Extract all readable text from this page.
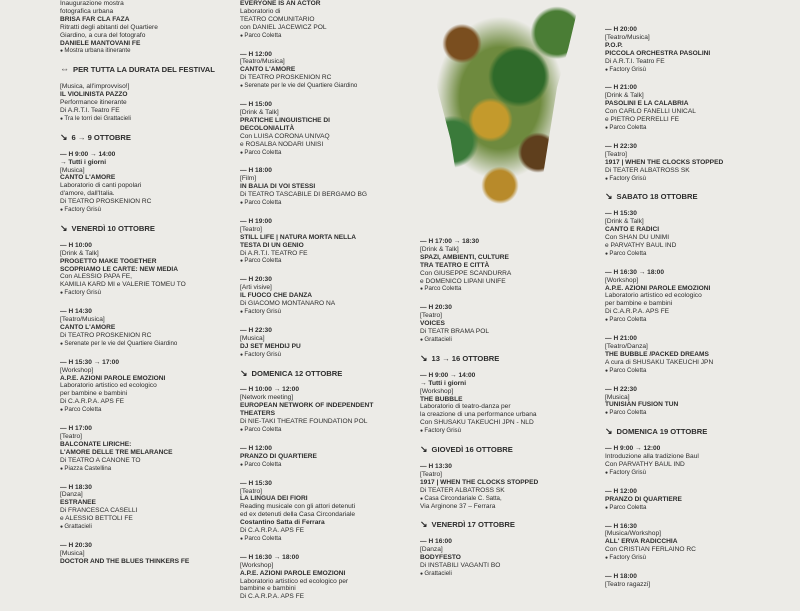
Inaugurazione mostra
fotografica urbana
BRISA FAR CLA FAZA
Ritratti degli abitanti del Quartiere
Giardino, a cura del fotografo
DANIELE MANTOVANI FE
● Mostra urbana itinerante
⇔ PER TUTTA LA DURATA DEL FESTIVAL
[Musica, all'improvviso!]
IL VIOLINISTA PAZZO
Performance itinerante
Di A.R.T.I. Teatro FE
● Tra le torri dei Grattacieli
↘ 6 → 9 OTTOBRE
— H 9:00 → 14:00
→ Tutti i giorni
[Musica]
CANTO L'AMORE
Laboratorio di canti popolari
d'amore, dall'Italia.
Di TEATRO PROSKENION RC
● Factory Grisù
↘ VENERDÌ 10 OTTOBRE
— H 10:00
[Drink & Talk]
PROGETTO MAKE TOGETHER
SCOPRIAMO LE CARTE: NEW MEDIA
Con ALESSIO PAPA FE,
KAMILIA KARD MI e VALERIE TOMEU TO
● Factory Grisù
— H 14:30
[Teatro/Musica]
CANTO L'AMORE
Di TEATRO PROSKENION RC
● Serenate per le vie del Quartiere Giardino
— H 15:30 → 17:00
[Workshop]
A.P.E. AZIONI PAROLE EMOZIONI
Laboratorio artistico ed ecologico
per bambine e bambini
Di C.A.R.P.A. APS FE
● Parco Coletta
— H 17:00
[Teatro]
BALCONATE LIRICHE:
L'AMORE DELLE TRE MELARANCE
Di TEATRO A CANONE TO
● Piazza Castellina
— H 18:30
[Danza]
ESTRANEE
Di FRANCESCA CASELLI
e ALESSIO BETTOLI FE
● Grattacieli
— H 20:30
[Musica]
DOCTOR AND THE BLUES THINKERS FE
EVERYONE IS AN ACTOR
Laboratorio di
TEATRO COMUNITARIO
con DANIEL JACEWICZ POL
● Parco Coletta
— H 12:00
[Teatro/Musica]
CANTO L'AMORE
Di TEATRO PROSKENION RC
● Serenate per le vie del Quartiere Giardino
— H 15:00
[Drink & Talk]
PRATICHE LINGUISTICHE DI
DECOLONIALITÀ
Con LUISA CORONA UNIVAQ
e ROSALBA NODARI UNISI
● Parco Coletta
— H 18:00
[Film]
IN BALIA DI VOI STESSI
Di TEATRO TASCABILE DI BERGAMO BG
● Parco Coletta
— H 19:00
[Teatro]
STILL LIFE | NATURA MORTA NELLA
TESTA DI UN GENIO
Di A.R.T.I. TEATRO FE
● Parco Coletta
— H 20:30
[Arti visive]
IL FUOCO CHE DANZA
Di GIACOMO MONTANARO NA
● Factory Grisù
— H 22:30
[Musica]
DJ SET MEHDIJ PU
● Factory Grisù
↘ DOMENICA 12 OTTOBRE
— H 10:00 → 12:00
[Network meeting]
EUROPEAN NETWORK OF INDEPENDENT
THEATERS
Di NIE-TAKI THEATRE FOUNDATION POL
● Parco Coletta
— H 12:00
PRANZO DI QUARTIERE
● Parco Coletta
— H 15:30
[Teatro]
LA LINGUA DEI FIORI
Reading musicale con gli attori detenuti
ed ex detenuti della Casa Circondariale
Costantino Satta di Ferrara
Di C.A.R.P.A. APS FE
● Parco Coletta
— H 16:30 → 18:00
[Workshop]
A.P.E. AZIONI PAROLE EMOZIONI
Laboratorio artistico ed ecologico per
bambine e bambini
Di C.A.R.P.A. APS FE
— H 17:00 → 18:30
[Drink & Talk]
SPAZI, AMBIENTI, CULTURE
TRA TEATRO E CITTÀ
Con GIUSEPPE SCANDURRA
e DOMENICO LIPANI UNIFE
● Parco Coletta
— H 20:30
[Teatro]
VOICES
Di TEATR BRAMA POL
● Grattacieli
↘ 13 → 16 OTTOBRE
— H 9:00 → 14:00
→ Tutti i giorni
[Workshop]
THE BUBBLE
Laboratorio di teatro-danza per
la creazione di una performance urbana
Con SHUSAKU TAKEUCHI JPN - NLD
● Factory Grisù
↘ GIOVEDÌ 16 OTTOBRE
— H 13:30
[Teatro]
1917 | WHEN THE CLOCKS STOPPED
Di TEATER ALBATROSS SK
● Casa Circondariale C. Satta,
Via Arginone 37 – Ferrara
↘ VENERDÌ 17 OTTOBRE
— H 16:00
[Danza]
BODYFESTO
Di INSTABILI VAGANTI BO
● Grattacieli
— H 20:00
[Teatro/Musica]
P.O.P.
PICCOLA ORCHESTRA PASOLINI
Di A.R.T.I. Teatro FE
● Factory Grisù
— H 21:00
[Drink & Talk]
PASOLINI E LA CALABRIA
Con CARLO FANELLI UNICAL
e PIETRO PERRELLI FE
● Parco Coletta
— H 22:30
[Teatro]
1917 | WHEN THE CLOCKS STOPPED
Di TEATER ALBATROSS SK
● Factory Grisù
↘ SABATO 18 OTTOBRE
— H 15:30
[Drink & Talk]
CANTO E RADICI
Con SHAN DU UNIMI
e PARVATHY BAUL IND
● Parco Coletta
— H 16:30 → 18:00
[Workshop]
A.P.E. AZIONI PAROLE EMOZIONI
Laboratorio artistico ed ecologico
per bambine e bambini
Di C.A.R.P.A. APS FE
● Parco Coletta
— H 21:00
[Teatro/Danza]
THE BUBBLE /PACKED DREAMS
A cura di SHUSAKU TAKEUCHI JPN
● Parco Coletta
— H 22:30
[Musica]
TUNISIAN FUSION TUN
● Parco Coletta
↘ DOMENICA 19 OTTOBRE
— H 9:00 → 12:00
Introduzione alla tradizione Baul
Con PARVATHY BAUL IND
● Factory Grisù
— H 12:00
PRANZO DI QUARTIERE
● Parco Coletta
— H 16:30
[Musica/Workshop]
ALL' ERVA RADICCHIA
Con CRISTIAN FERLAINO RC
● Factory Grisù
— H 18:00
[Teatro ragazzi]
